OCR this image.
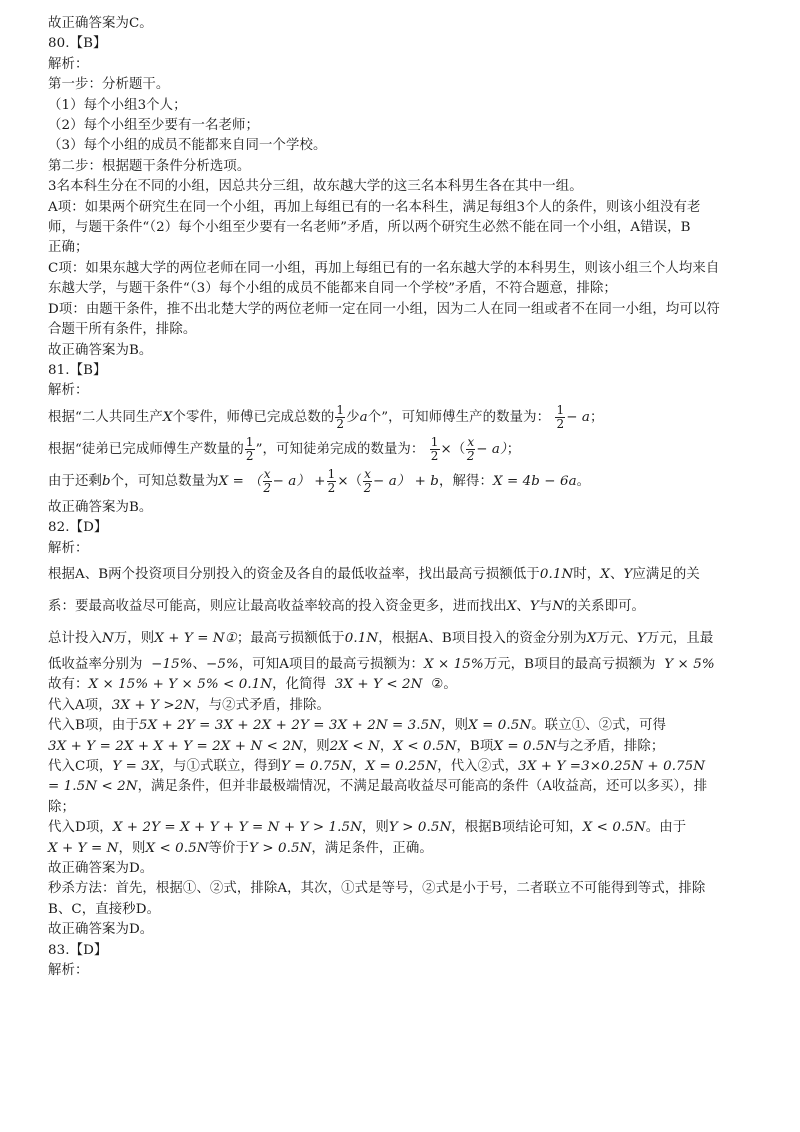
故正确答案为C。
80.【B】
解析：
第一步：分析题干。
（1）每个小组3个人；
（2）每个小组至少要有一名老师；
（3）每个小组的成员不能都来自同一个学校。
第二步：根据题干条件分析选项。
3名本科生分在不同的小组，因总共分三组，故东越大学的这三名本科男生各在其中一组。
A项：如果两个研究生在同一个小组，再加上每组已有的一名本科生，满足每组3个人的条件，则该小组没有老
师，与题干条件“（2）每个小组至少要有一名老师”矛盾，所以两个研究生必然不能在同一个小组，A错误，B
正确；
C项：如果东越大学的两位老师在同一小组，再加上每组已有的一名东越大学的本科男生，则该小组三个人均来自
东越大学，与题干条件“（3）每个小组的成员不能都来自同一个学校”矛盾，不符合题意，排除；
D项：由题干条件，推不出北楚大学的两位老师一定在同一小组，因为二人在同一组或者不在同一小组，均可以符
合题干所有条件，排除。
故正确答案为B。
81.【B】
解析：
根据“二人共同生产X个零件，师傅已完成总数的 $\frac{1}{2}$ 少a个”，可知师傅生产的数量为： $\frac{1}{2} - a$；
根据“徒弟已完成师傅生产数量的 $\frac{1}{2}$ ”，可知徒弟完成的数量为： $\frac{1}{2}$ ×（ $\frac{x}{2} - a$）；
由于还剩b个，可知总数量为X = （ $\frac{x}{2} - a) + \frac{1}{2}$ ×（ $\frac{x}{2} - a) + b$，解得：X = 4b − 6a。
故正确答案为B。
82.【D】
解析：
根据A、B两个投资项目分别投入的资金及各自的最低收益率，找出最高亏损额低于0.1N时，X、Y应满足的关
系：要最高收益尽可能高，则应让最高收益率较高的投入资金更多，进而找出X、Y与N的关系即可。
总计投入N万，则X + Y = N①；最高亏损额低于0.1N，根据A、B项目投入的资金分别为X万元、Y万元，且最
低收益率分别为 −15%、−5%，可知A项目的最高亏损额为：X × 15%万元，B项目的最高亏损额为 Y × 5%
故有：X × 15% + Y × 5% < 0.1N，化简得 3X + Y < 2N ②。
代入A项，3X + Y >2N，与②式矛盾，排除。
代入B项，由于5X + 2Y = 3X + 2X + 2Y = 3X + 2N = 3.5N，则X = 0.5N。联立①、②式，可得
3X + Y = 2X + X + Y = 2X + N < 2N，则2X < N，X < 0.5N，B项X = 0.5N与之矛盾，排除；
代入C项，Y = 3X，与①式联立，得到Y = 0.75N，X = 0.25N，代入②式，3X + Y =3×0.25N + 0.75N
= 1.5N < 2N，满足条件，但并非最极端情况，不满足最高收益尽可能高的条件（A收益高，还可以多买），排
除；
代入D项，X + 2Y = X + Y + Y = N + Y > 1.5N，则Y > 0.5N，根据B项结论可知，X < 0.5N。由于
X + Y = N，则X < 0.5N等价于Y > 0.5N，满足条件，正确。
故正确答案为D。
秒杀方法：首先，根据①、②式，排除A，其次，①式是等号，②式是小于号，二者联立不可能得到等式，排除
B、C，直接秒D。
故正确答案为D。
83.【D】
解析：
